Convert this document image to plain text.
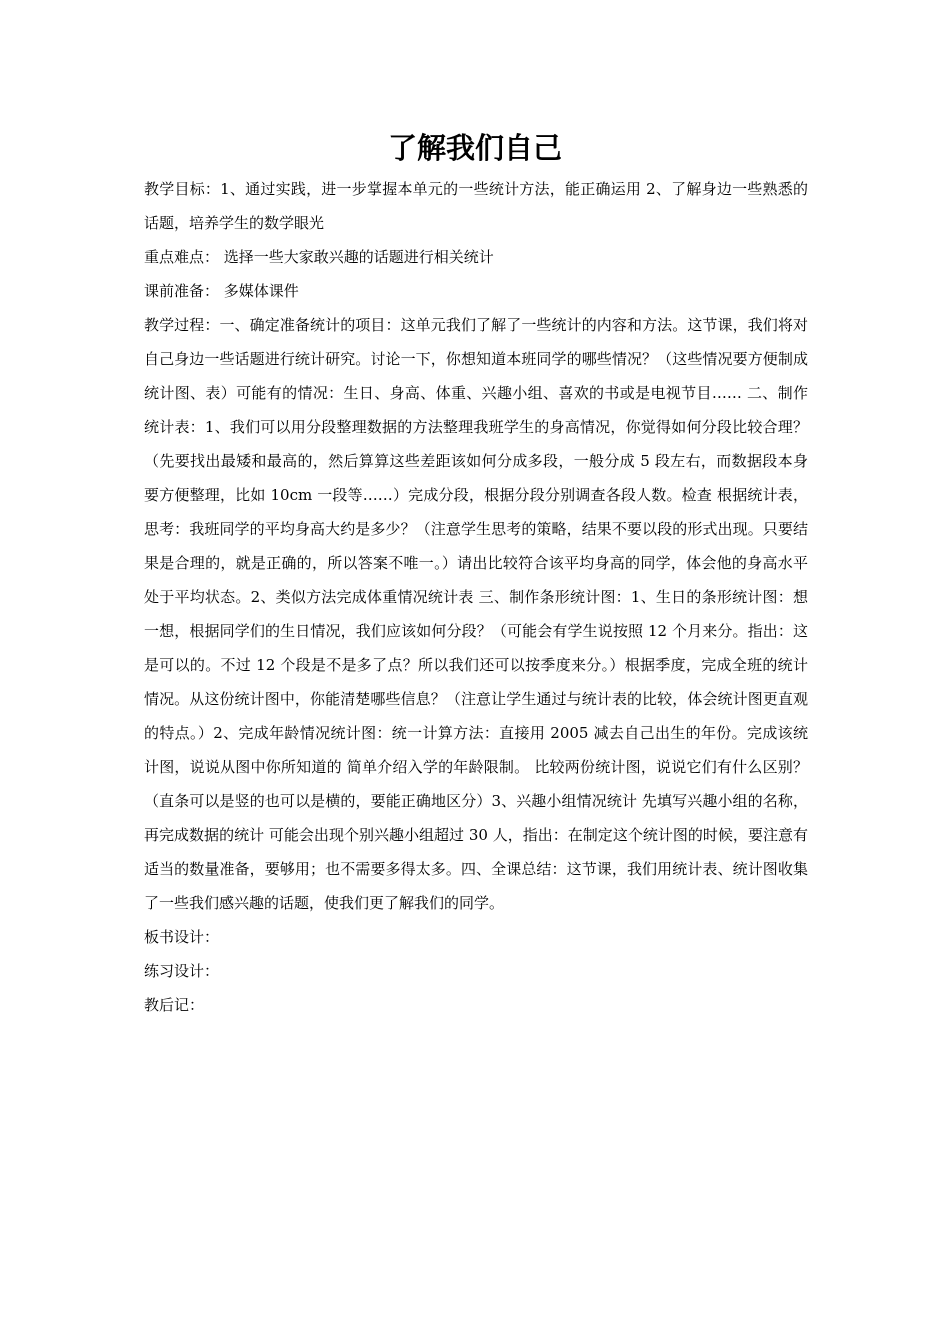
了解我们自己

教学目标：1、通过实践，进一步掌握本单元的一些统计方法，能正确运用 2、了解身边一些熟悉的话题，培养学生的数学眼光

重点难点： 选择一些大家敢兴趣的话题进行相关统计

课前准备： 多媒体课件

教学过程：一、确定准备统计的项目：这单元我们了解了一些统计的内容和方法。这节课，我们将对自己身边一些话题进行统计研究。讨论一下，你想知道本班同学的哪些情况？（这些情况要方便制成统计图、表）可能有的情况：生日、身高、体重、兴趣小组、喜欢的书或是电视节目…… 二、制作统计表：1、我们可以用分段整理数据的方法整理我班学生的身高情况，你觉得如何分段比较合理？（先要找出最矮和最高的，然后算算这些差距该如何分成多段，一般分成 5 段左右，而数据段本身要方便整理，比如 10cm 一段等……）完成分段，根据分段分别调查各段人数。检查 根据统计表，思考：我班同学的平均身高大约是多少？（注意学生思考的策略，结果不要以段的形式出现。只要结果是合理的，就是正确的，所以答案不唯一。）请出比较符合该平均身高的同学，体会他的身高水平处于平均状态。2、类似方法完成体重情况统计表 三、制作条形统计图：1、生日的条形统计图：想一想，根据同学们的生日情况，我们应该如何分段？（可能会有学生说按照 12 个月来分。指出：这是可以的。不过 12 个段是不是多了点？所以我们还可以按季度来分。）根据季度，完成全班的统计情况。从这份统计图中，你能清楚哪些信息？（注意让学生通过与统计表的比较，体会统计图更直观的特点。）2、完成年龄情况统计图：统一计算方法：直接用 2005 减去自己出生的年份。完成该统计图，说说从图中你所知道的 简单介绍入学的年龄限制。 比较两份统计图，说说它们有什么区别？（直条可以是竖的也可以是横的，要能正确地区分）3、兴趣小组情况统计 先填写兴趣小组的名称，再完成数据的统计 可能会出现个别兴趣小组超过 30 人，指出：在制定这个统计图的时候，要注意有适当的数量准备，要够用；也不需要多得太多。四、全课总结：这节课，我们用统计表、统计图收集了一些我们感兴趣的话题，使我们更了解我们的同学。

板书设计：

练习设计：

教后记：
